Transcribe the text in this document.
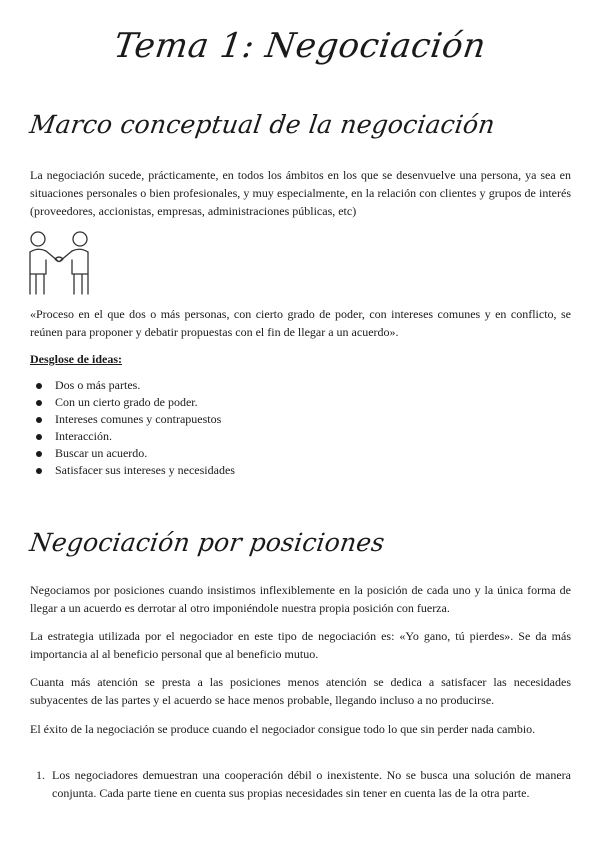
Tema 1: Negociación
Marco conceptual de la negociación

La negociación sucede, prácticamente, en todos los ámbitos en los que se desenvuelve una persona, ya sea en situaciones personales o bien profesionales, y muy especialmente, en la relación con clientes y grupos de interés (proveedores, accionistas, empresas, administraciones públicas, etc)

«Proceso en el que dos o más personas, con cierto grado de poder, con intereses comunes y en conflicto, se reúnen para proponer y debatir propuestas con el fin de llegar a un acuerdo».

Desglose de ideas:
Dos o más partes.
Con un cierto grado de poder.
Intereses comunes y contrapuestos
Interacción.
Buscar un acuerdo.
Satisfacer sus intereses y necesidades
Negociación por posiciones

Negociamos por posiciones cuando insistimos inflexiblemente en la posición de cada uno y la única forma de llegar a un acuerdo es derrotar al otro imponiéndole nuestra propia posición con fuerza.

La estrategia utilizada por el negociador en este tipo de negociación es: «Yo gano, tú pierdes». Se da más importancia al al beneficio personal que al beneficio mutuo.

Cuanta más atención se presta a las posiciones menos atención se dedica a satisfacer las necesidades subyacentes de las partes y el acuerdo se hace menos probable, llegando incluso a no producirse.

El éxito de la negociación se produce cuando el negociador consigue todo lo que sin perder nada cambio.

1. Los negociadores demuestran una cooperación débil o inexistente. No se busca una solución de manera conjunta. Cada parte tiene en cuenta sus propias necesidades sin tener en cuenta las de la otra parte.
